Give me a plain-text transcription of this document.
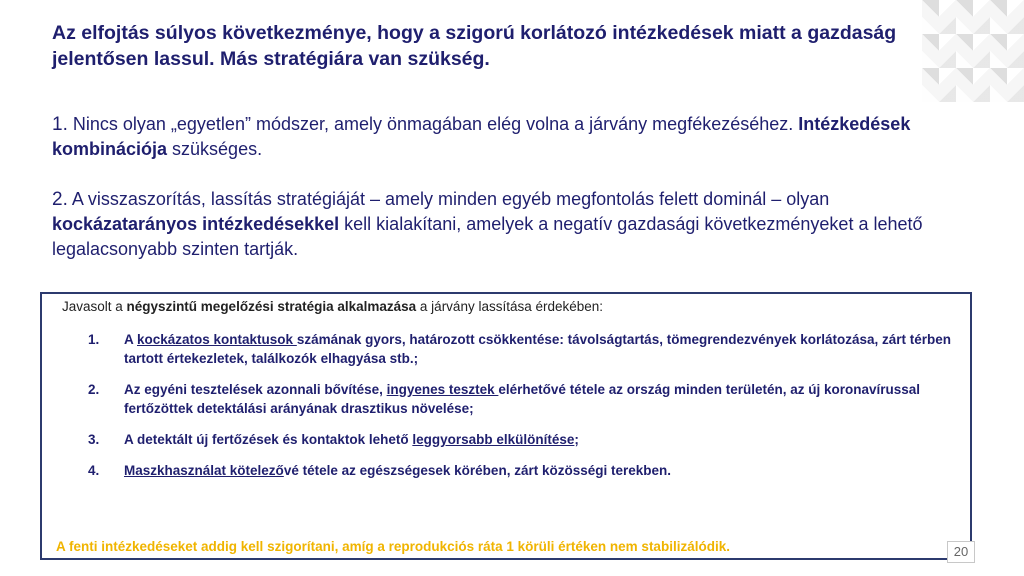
Az elfojtás súlyos következménye, hogy a szigorú korlátozó intézkedések miatt a gazdaság jelentősen lassul. Más stratégiára van szükség.
1. Nincs olyan „egyetlen” módszer, amely önmagában elég volna a járvány megfékezéséhez. Intézkedések kombinációja szükséges.
2. A visszaszorítás, lassítás stratégiáját – amely minden egyéb megfontolás felett dominál – olyan kockázatarányos intézkedésekkel kell kialakítani, amelyek a negatív gazdasági következményeket a lehető legalacsonyabb szinten tartják.
Javasolt a négyszintű megelőzési stratégia alkalmazása a járvány lassítása érdekében:
1. A kockázatos kontaktusok számának gyors, határozott csökkentése: távolságtartás, tömegrendezvények korlátozása, zárt térben tartott értekezletek, találkozók elhagyása stb.;
2. Az egyéni tesztelések azonnali bővítése, ingyenes tesztek elérhetővé tétele az ország minden területén, az új koronavírussal fertőzöttek detektálási arányának drasztikus növelése;
3. A detektált új fertőzések és kontaktok lehető leggyorsabb elkülönítése;
4. Maszkhasználat kötelezővé tétele az egészségesek körében, zárt közösségi terekben.
A fenti intézkedéseket addig kell szigorítani, amíg a reprodukciós ráta 1 körüli értéken nem stabilizálódik.	20
